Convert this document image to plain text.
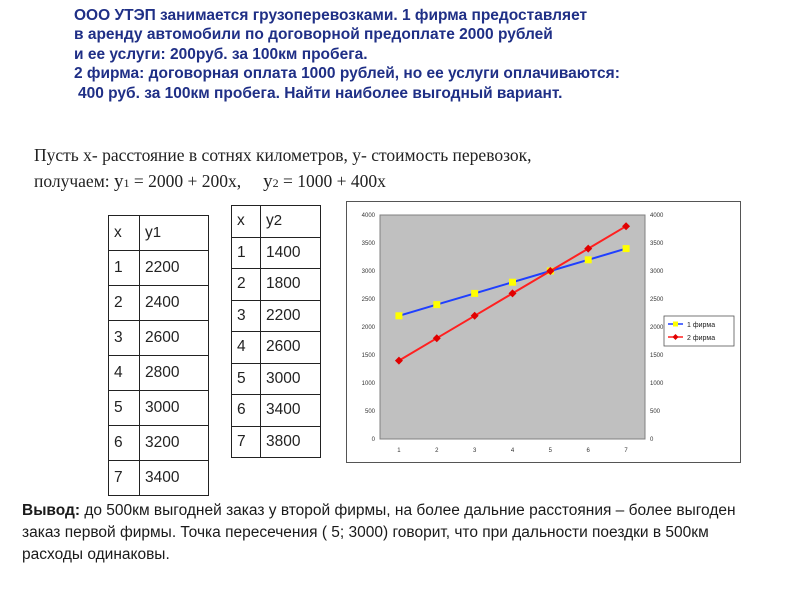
ООО УТЭП занимается грузоперевозками. 1 фирма предоставляет
в аренду автомобили по договорной предоплате 2000 рублей
и ее услуги: 200руб. за 100км пробега.
2 фирма: договорная оплата 1000 рублей, но ее услуги оплачиваются:
400 руб. за 100км пробега. Найти наиболее выгодный вариант.
Пусть х- расстояние в сотнях километров, у- стоимость перевозок,
получаем: у1 = 2000 + 200х, у2 = 1000 + 400х
х	у1
1	2200
2	2400
3	2600
4	2800
5	3000
6	3200
7	3400
х	у2
1	1400
2	1800
3	2200
4	2600
5	3000
6	3400
7	3800	0	0
500	500
1000	1000
1500	1500
2000	2000
2500	2500
3000	3000
3500	3500
4000	4000
1	2	3	4	5	6	7
1 фирма
2 фирма
Вывод: до 500км выгодней заказ у второй фирмы, на более дальние расстояния – более выгоден заказ первой фирмы. Точка пересечения ( 5; 3000) говорит, что при дальности поездки в 500км расходы одинаковы.
